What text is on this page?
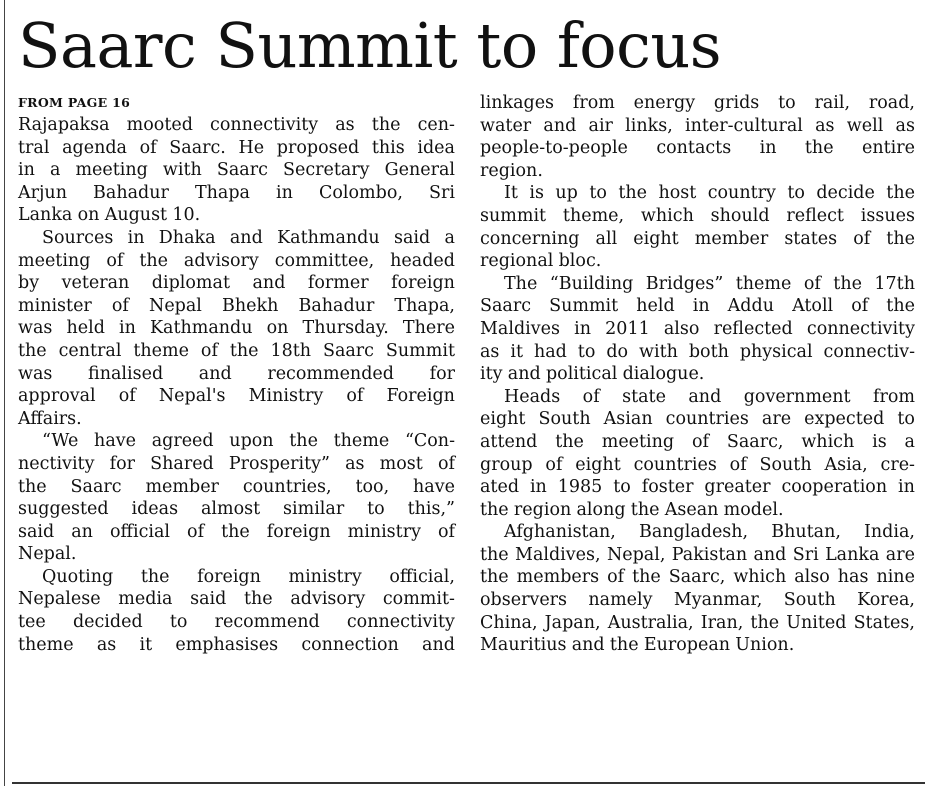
Saarc Summit to focus

FROM PAGE 16

Rajapaksa mooted connectivity as the cen-
tral agenda of Saarc. He proposed this idea
in a meeting with Saarc Secretary General
Arjun Bahadur Thapa in Colombo, Sri
Lanka on August 10.
Sources in Dhaka and Kathmandu said a
meeting of the advisory committee, headed
by veteran diplomat and former foreign
minister of Nepal Bhekh Bahadur Thapa,
was held in Kathmandu on Thursday. There
the central theme of the 18th Saarc Summit
was finalised and recommended for
approval of Nepal's Ministry of Foreign
Affairs.
“We have agreed upon the theme “Con-
nectivity for Shared Prosperity” as most of
the Saarc member countries, too, have
suggested ideas almost similar to this,”
said an official of the foreign ministry of
Nepal.
Quoting the foreign ministry official,
Nepalese media said the advisory commit-
tee decided to recommend connectivity
theme as it emphasises connection and
linkages from energy grids to rail, road,
water and air links, inter-cultural as well as
people-to-people contacts in the entire
region.
It is up to the host country to decide the
summit theme, which should reflect issues
concerning all eight member states of the
regional bloc.
The “Building Bridges” theme of the 17th
Saarc Summit held in Addu Atoll of the
Maldives in 2011 also reflected connectivity
as it had to do with both physical connectiv-
ity and political dialogue.
Heads of state and government from
eight South Asian countries are expected to
attend the meeting of Saarc, which is a
group of eight countries of South Asia, cre-
ated in 1985 to foster greater cooperation in
the region along the Asean model.
Afghanistan, Bangladesh, Bhutan, India,
the Maldives, Nepal, Pakistan and Sri Lanka are
the members of the Saarc, which also has nine
observers namely Myanmar, South Korea,
China, Japan, Australia, Iran, the United States,
Mauritius and the European Union.
